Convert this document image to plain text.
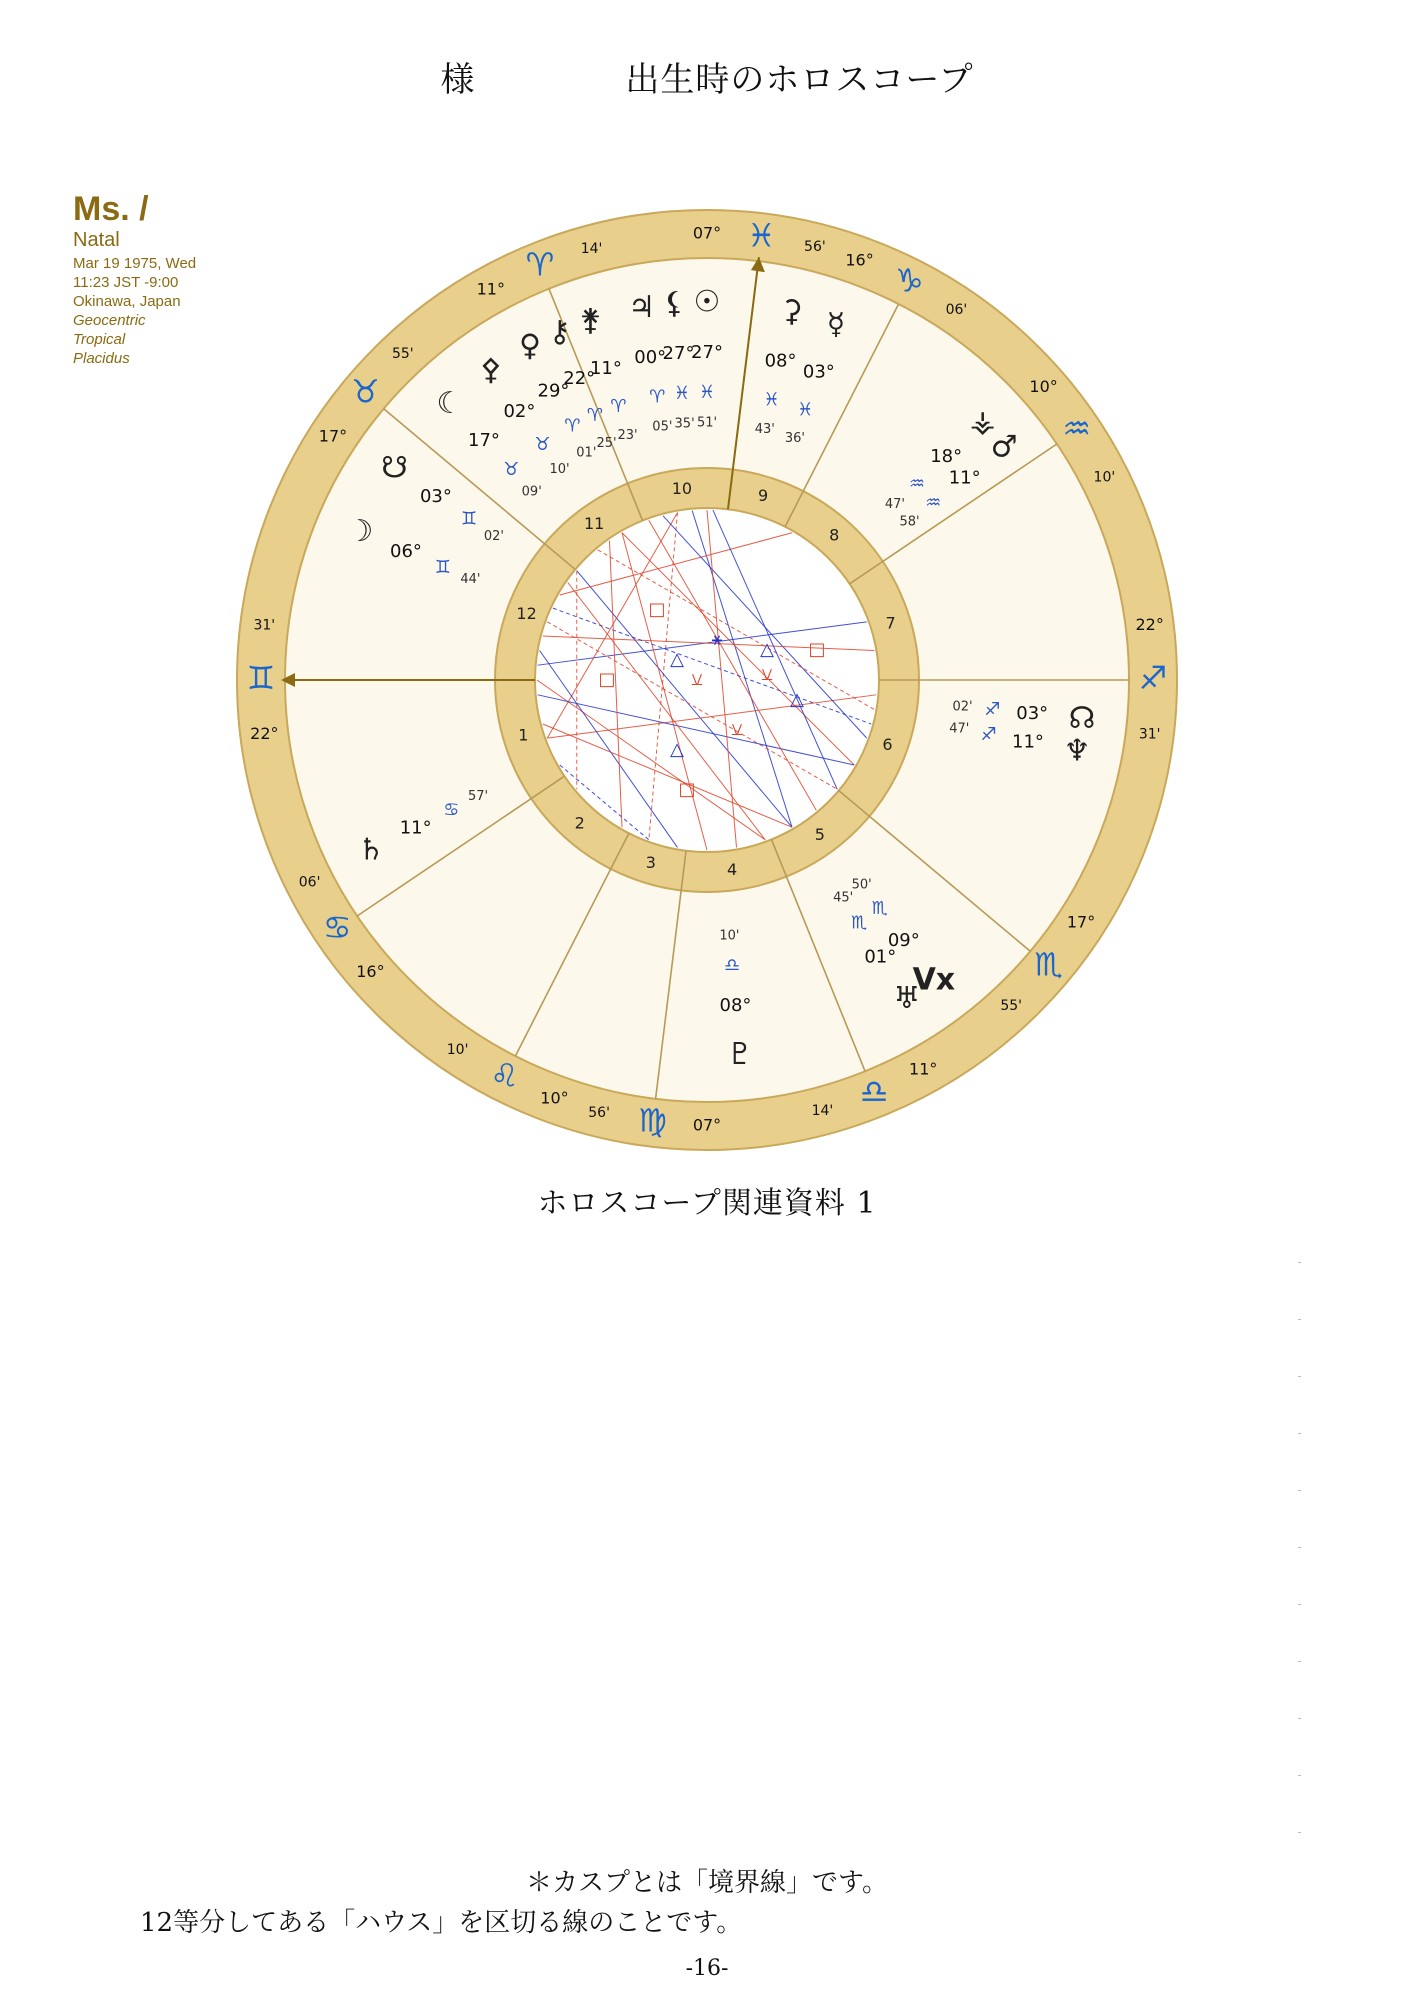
様	出生時のホロスコープ
Ms. /
Natal
Mar 19 1975, Wed
11:23 JST -9:00
Okinawa, Japan
Geocentric
Tropical
Placidus
1
2
3	4
5
6
7
8
9
10
11
12	□
△
⚹ △ □
□
△
△
□
⚺
⚺
⚺
♊
22°
31'
♐
22°
31'
♓
07°
56'
♍ 07°
56'
♒
10°
10'
♑
16°
06'
♏
17°
55'
♎
11°
14'
♌
10°
10'
♋
16°
06'
♉
17°
55'
♈
11°
14'
☿
03°
♓
36'
⚳
08°
♓
43'
☉
27°
♓
51'
⚸
27°
♓
35'
♃
00°
♈
05'
⚵
11°
♈
23'
⚷
22°
♈
25'
♀
29°
♈
01'
⚴
02°
♉
10'
☾
17°
♉
09'
☋
03°
♊
02'
☽
06°
♊
44'
♄
11°
♋
57'
♇
08°
♎
10'
♅
01°
♏
45'
Vx
09°
♏
50'
☊
03°
♐
02'
♆
11°
♐
47'
♂
11°
♒
58'
⚶
18°
♒
47'
ホロスコープ関連資料 1
＊カスプとは「境界線」です。
12等分してある「ハウス」を区切る線のことです。
-16-
